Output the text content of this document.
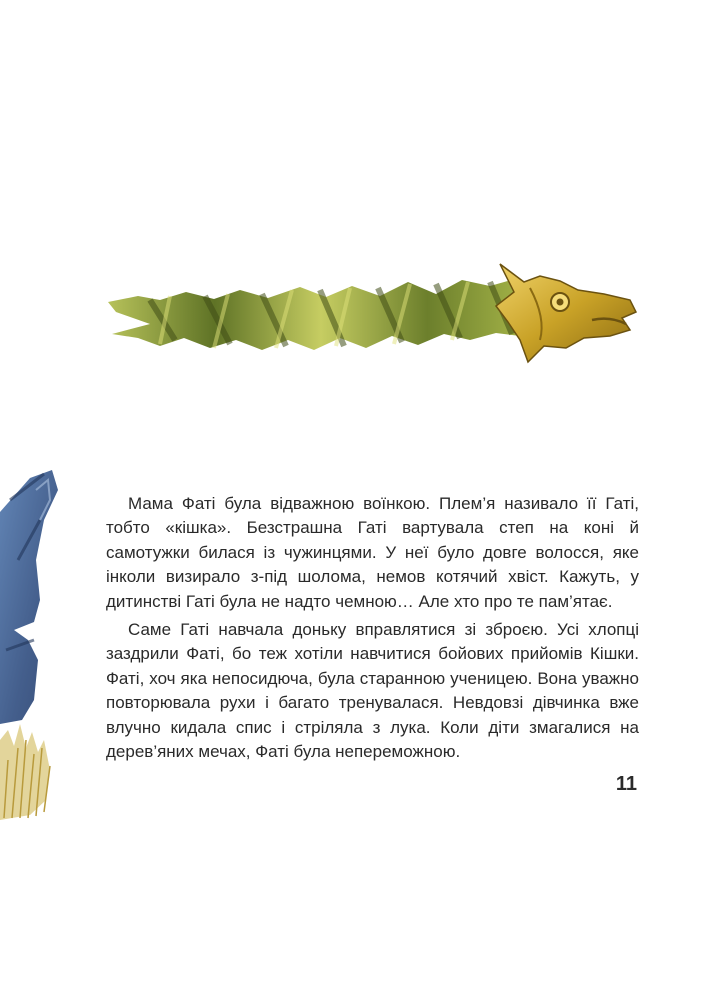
Мама Фаті була відважною воїнкою. Плем’я називало її Гаті, тобто «кішка». Безстрашна Гаті вартувала степ на коні й самотужки билася із чужинцями. У неї було довге волосся, яке інколи визирало з-під шолома, немов котячий хвіст. Кажуть, у дитинстві Гаті була не надто чемною… Але хто про те пам’ятає.

Саме Гаті навчала доньку вправлятися зі зброєю. Усі хлопці заздрили Фаті, бо теж хотіли навчитися бойових прийомів Кішки. Фаті, хоч яка непосидюча, була старанною ученицею. Вона уважно повторювала рухи і багато тренувалася. Невдовзі дівчинка вже влучно кидала спис і стріляла з лука. Коли діти змагалися на дерев’яних мечах, Фаті була непереможною.

11
